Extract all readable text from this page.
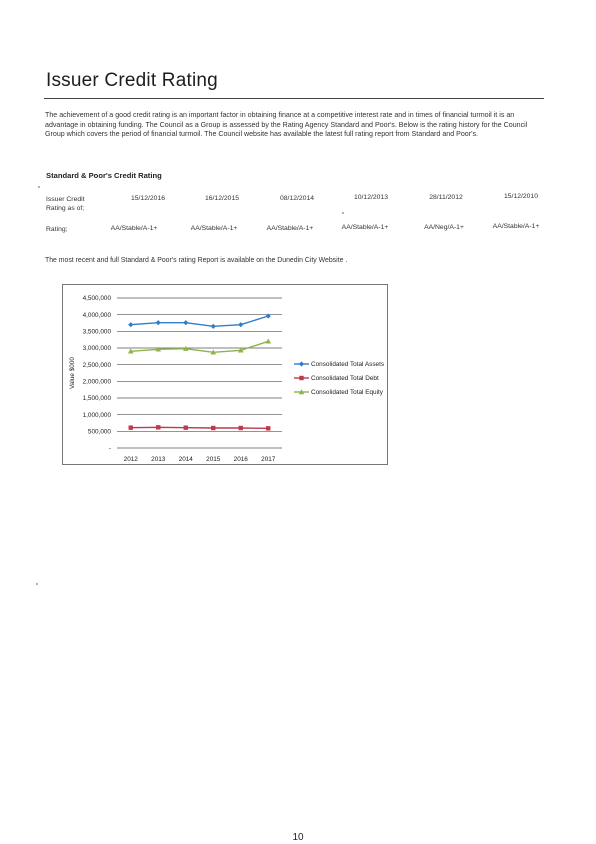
Issuer Credit Rating

The achievement of a good credit rating is an important factor in obtaining finance at a competitive interest rate and in times of financial turmoil it is an advantage in obtaining funding. The Council as a Group is assessed by the Rating Agency Standard and Poor's. Below is the rating history for the Council Group which covers the period of financial turmoil. The Council website has available the latest full rating report from Standard and Poor's.

Standard & Poor's Credit Rating
Issuer Credit Rating as of;
15/12/2016	16/12/2015	08/12/2014	10/12/2013	28/11/2012	15/12/2010
Rating;	AA/Stable/A-1+	AA/Stable/A-1+	AA/Stable/A-1+	AA/Stable/A-1+	AA/Neg/A-1+	AA/Stable/A-1+

The most recent and full Standard & Poor's rating Report is available on the Dunedin City Website .

-
500,000
1,000,000
1,500,000
2,000,000
2,500,000
3,000,000
3,500,000
4,000,000
4,500,000
2012 2013 2014 2015 2016 2017
Value $000	Consolidated Total Assets
Consolidated Total Debt
Consolidated Total Equity

10
